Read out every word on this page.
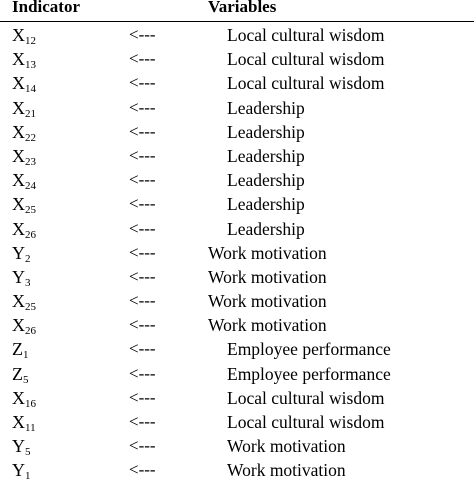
Indicator	Variables
$X_{12}$	<---	Local cultural wisdom
$X_{13}$	<---	Local cultural wisdom
$X_{14}$	<---	Local cultural wisdom
$X_{21}$	<---	Leadership
$X_{22}$	<---	Leadership
$X_{23}$	<---	Leadership
$X_{24}$	<---	Leadership
$X_{25}$	<---	Leadership
$X_{26}$	<---	Leadership
$Y_2$	<---	Work motivation
$Y_3$	<---	Work motivation
$X_{25}$	<---	Work motivation
$X_{26}$	<---	Work motivation
$Z_1$	<---	Employee performance
$Z_5$	<---	Employee performance
$X_{16}$	<---	Local cultural wisdom
$X_{11}$	<---	Local cultural wisdom
$Y_5$	<---	Work motivation
$Y_1$	<---	Work motivation
